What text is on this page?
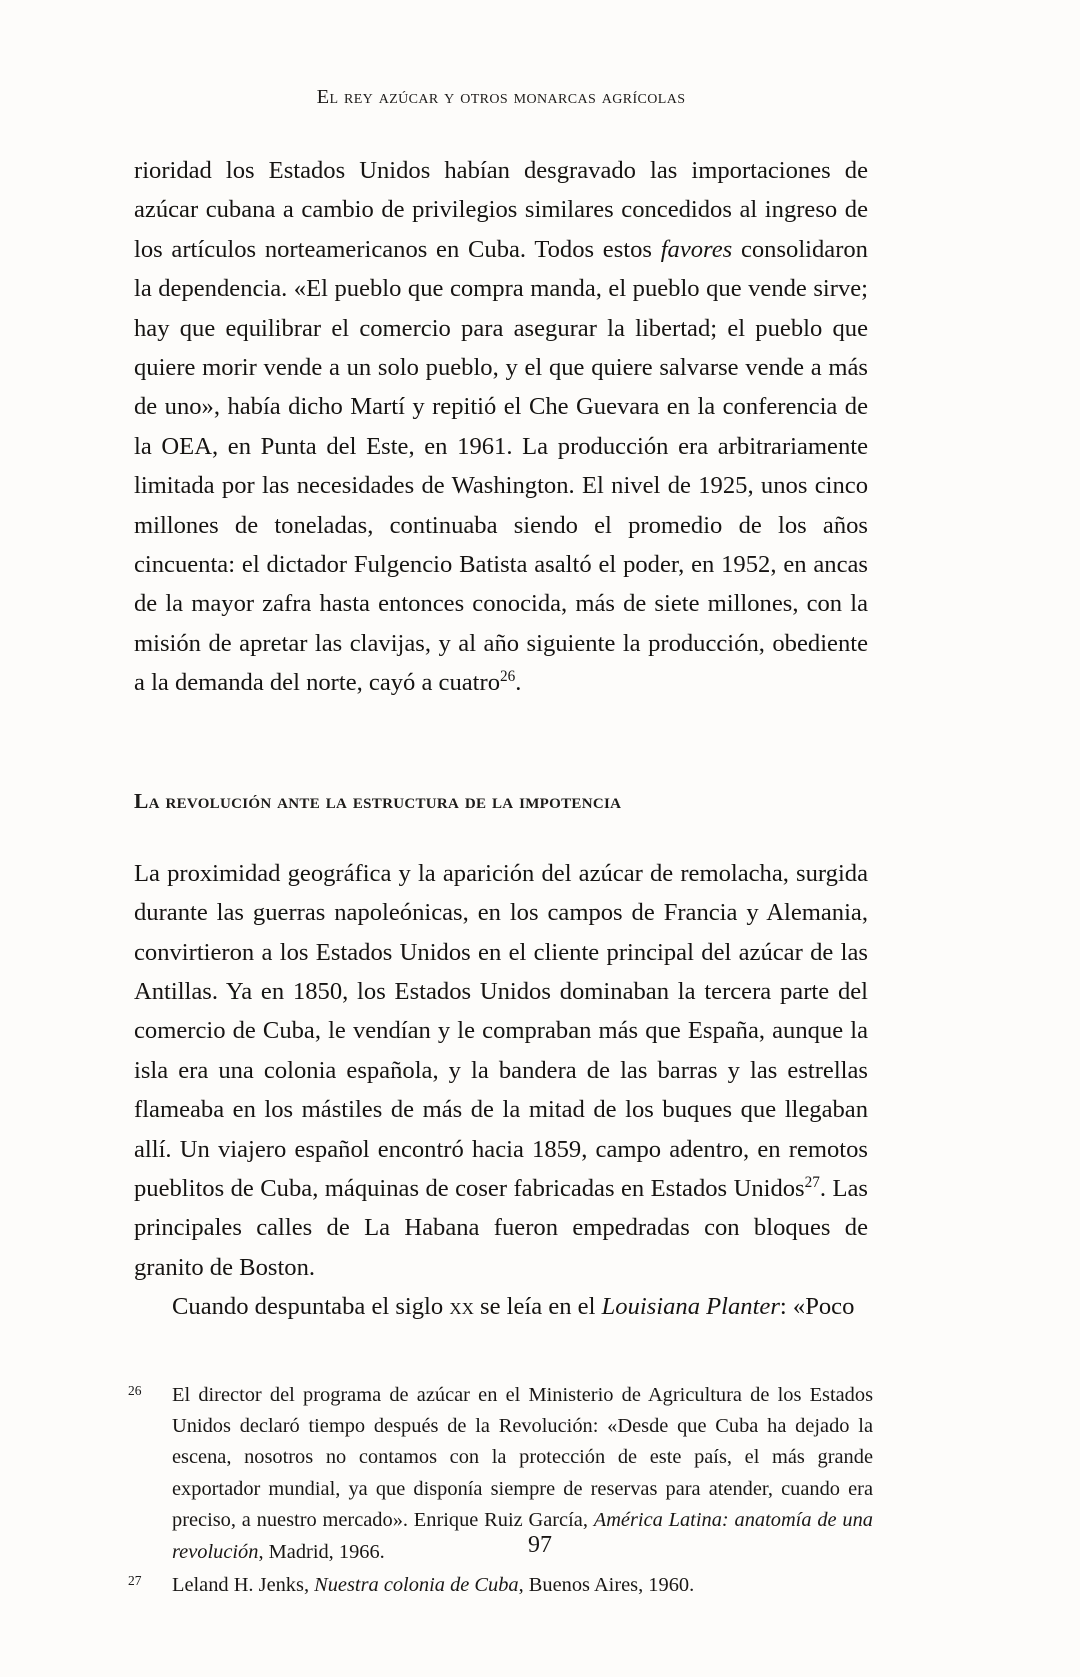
El rey azúcar y otros monarcas agrícolas

rioridad los Estados Unidos habían desgravado las importaciones de azúcar cubana a cambio de privilegios similares concedidos al ingreso de los artículos norteamericanos en Cuba. Todos estos favores consolidaron la dependencia. «El pueblo que compra manda, el pueblo que vende sirve; hay que equilibrar el comercio para asegurar la libertad; el pueblo que quiere morir vende a un solo pueblo, y el que quiere salvarse vende a más de uno», había dicho Martí y repitió el Che Guevara en la conferencia de la OEA, en Punta del Este, en 1961. La producción era arbitrariamente limitada por las necesidades de Washington. El nivel de 1925, unos cinco millones de toneladas, continuaba siendo el promedio de los años cincuenta: el dictador Fulgencio Batista asaltó el poder, en 1952, en ancas de la mayor zafra hasta entonces conocida, más de siete millones, con la misión de apretar las clavijas, y al año siguiente la producción, obediente a la demanda del norte, cayó a cuatro$^{26}$.

La revolución ante la estructura de la impotencia

La proximidad geográfica y la aparición del azúcar de remolacha, surgida durante las guerras napoleónicas, en los campos de Francia y Alemania, convirtieron a los Estados Unidos en el cliente principal del azúcar de las Antillas. Ya en 1850, los Estados Unidos dominaban la tercera parte del comercio de Cuba, le vendían y le compraban más que España, aunque la isla era una colonia española, y la bandera de las barras y las estrellas flameaba en los mástiles de más de la mitad de los buques que llegaban allí. Un viajero español encontró hacia 1859, campo adentro, en remotos pueblitos de Cuba, máquinas de coser fabricadas en Estados Unidos$^{27}$. Las principales calles de La Habana fueron empedradas con bloques de granito de Boston.

Cuando despuntaba el siglo xx se leía en el Louisiana Planter: «Poco

26	El director del programa de azúcar en el Ministerio de Agricultura de los Estados Unidos declaró tiempo después de la Revolución: «Desde que Cuba ha dejado la escena, nosotros no contamos con la protección de este país, el más grande exportador mundial, ya que disponía siempre de reservas para atender, cuando era preciso, a nuestro mercado». Enrique Ruiz García, América Latina: anatomía de una revolución, Madrid, 1966.
27	Leland H. Jenks, Nuestra colonia de Cuba, Buenos Aires, 1960.
97
